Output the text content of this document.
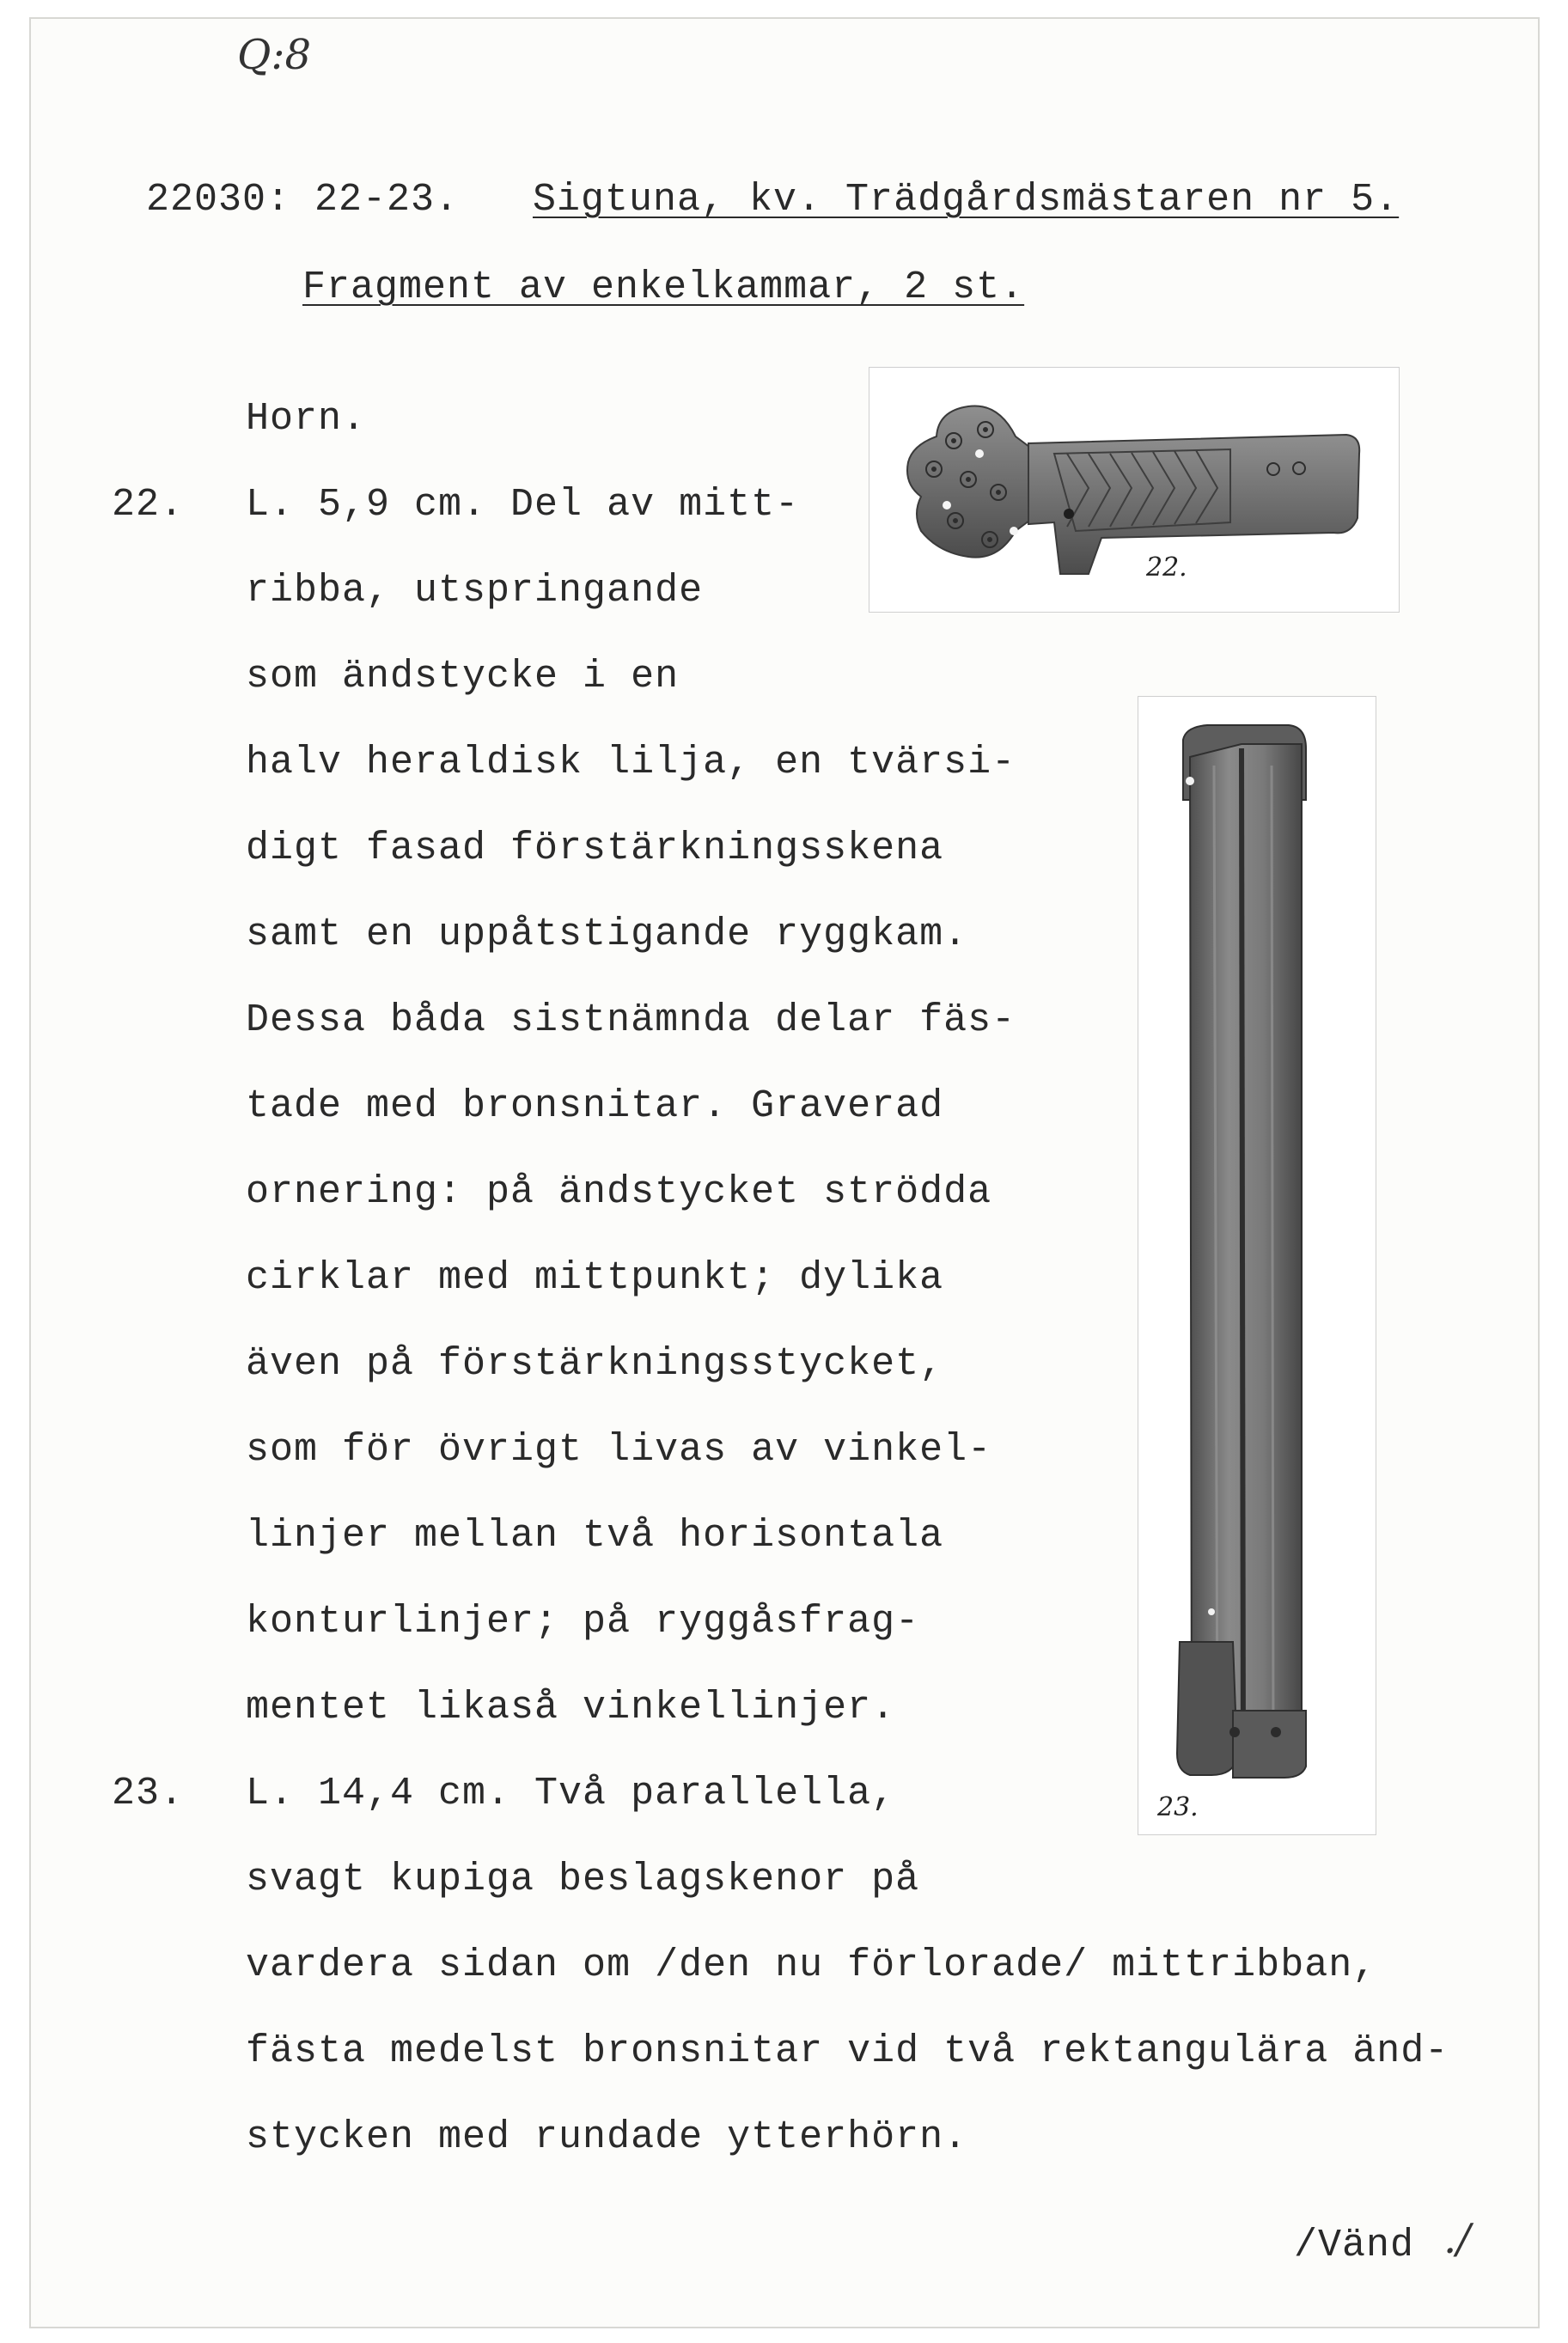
Q:8
22030: 22-23. Sigtuna, kv. Trädgårdsmästaren nr 5.
Fragment av enkelkammar, 2 st.
Horn.
22. L. 5,9 cm. Del av mitt-
ribba, utspringande
som ändstycke i en
halv heraldisk lilja, en tvärsi-
digt fasad förstärkningsskena
samt en uppåtstigande ryggkam.
Dessa båda sistnämnda delar fäs-
tade med bronsnitar. Graverad
ornering: på ändstycket strödda
cirklar med mittpunkt; dylika
även på förstärkningsstycket,
som för övrigt livas av vinkel-
linjer mellan två horisontala
konturlinjer; på ryggåsfrag-
mentet likaså vinkellinjer.
23. L. 14,4 cm. Två parallella,
svagt kupiga beslagskenor på
vardera sidan om /den nu förlorade/ mittribban,
fästa medelst bronsnitar vid två rektangulära änd-
stycken med rundade ytterhörn.
22.
23.
/Vänd ./
